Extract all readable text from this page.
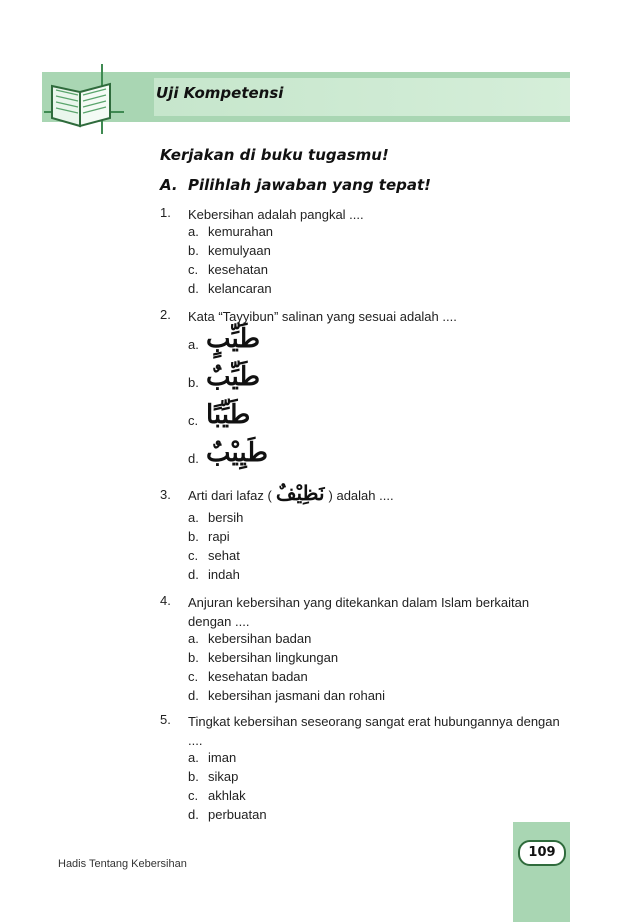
Uji Kompetensi
Kerjakan di buku tugasmu!
A. Pilihlah jawaban yang tepat!
1. Kebersihan adalah pangkal ....
a. kemurahan
b. kemulyaan
c. kesehatan
d. kelancaran
2. Kata “Tayyibun” salinan yang sesuai adalah ....
a. طَيِّبٍ
b. طَيِّبٌ
c. طَيِّبًا
d. طَيِيْبٌ
3. Arti dari lafaz ( نَظِيْفٌ ) adalah ....
a. bersih
b. rapi
c. sehat
d. indah
4. Anjuran kebersihan yang ditekankan dalam Islam berkaitan dengan ....
a. kebersihan badan
b. kebersihan lingkungan
c. kesehatan badan
d. kebersihan jasmani dan rohani
5. Tingkat kebersihan seseorang sangat erat hubungannya dengan ....
a. iman
b. sikap
c. akhlak
d. perbuatan
109
Hadis Tentang Kebersihan
